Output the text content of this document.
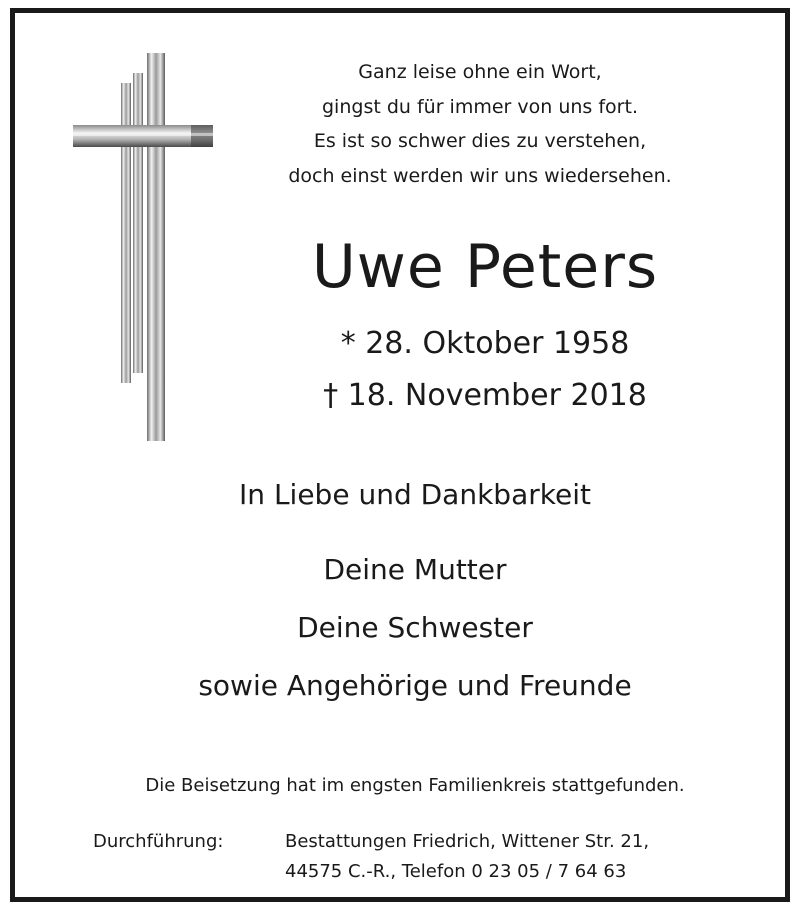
Ganz leise ohne ein Wort,
gingst du für immer von uns fort.
Es ist so schwer dies zu verstehen,
doch einst werden wir uns wiedersehen.
Uwe Peters
* 28. Oktober 1958
† 18. November 2018
In Liebe und Dankbarkeit
Deine Mutter
Deine Schwester
sowie Angehörige und Freunde
Die Beisetzung hat im engsten Familienkreis stattgefunden.
Durchführung:	Bestattungen Friedrich, Wittener Str. 21,
44575 C.-R., Telefon 0 23 05 / 7 64 63
